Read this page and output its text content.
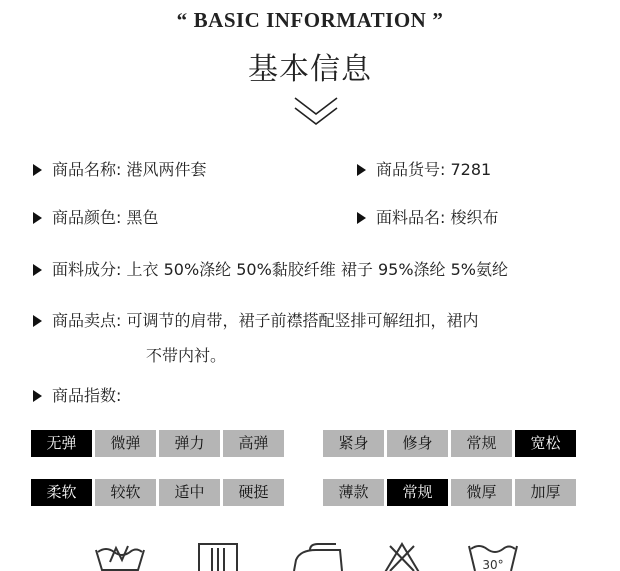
“ BASIC INFORMATION ”
基本信息
商品名称: 港风两件套	商品货号: 7281
商品颜色: 黑色	面料品名: 梭织布
面料成分: 上衣 50%涤纶 50%黏胶纤维 裙子 95%涤纶 5%氨纶
商品卖点: 可调节的肩带，裙子前襟搭配竖排可解纽扣，裙内
不带内衬。
商品指数:
无弹	微弹	弹力	高弹	紧身	修身	常规	宽松
柔软	较软	适中	硬挺	薄款	常规	微厚	加厚
30°
